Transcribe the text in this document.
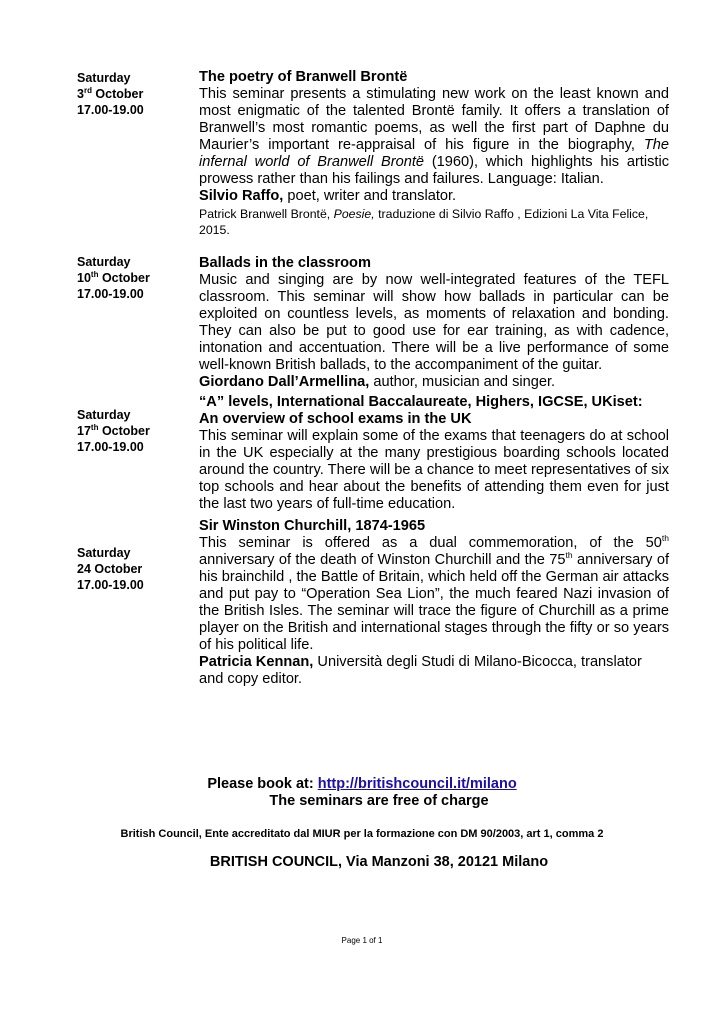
Saturday
3rd October
17.00-19.00
The poetry of Branwell Brontë
This seminar presents a stimulating new work on the least known and most enigmatic of the talented Brontë family. It offers a translation of Branwell’s most romantic poems, as well the first part of Daphne du Maurier’s important re-appraisal of his figure in the biography, The infernal world of Branwell Brontë (1960), which highlights his artistic prowess rather than his failings and failures. Language: Italian.
Silvio Raffo, poet, writer and translator.
Patrick Branwell Brontë, Poesie, traduzione di Silvio Raffo , Edizioni La Vita Felice, 2015.
Saturday
10th October
17.00-19.00
Ballads in the classroom
Music and singing are by now well-integrated features of the TEFL classroom. This seminar will show how ballads in particular can be exploited on countless levels, as moments of relaxation and bonding. They can also be put to good use for ear training, as with cadence, intonation and accentuation. There will be a live performance of some well-known British ballads, to the accompaniment of the guitar.
Giordano Dall’Armellina, author, musician and singer.
Saturday
17th October
17.00-19.00
“A” levels, International Baccalaureate, Highers, IGCSE, UKiset:
An overview of school exams in the UK
This seminar will explain some of the exams that teenagers do at school in the UK especially at the many prestigious boarding schools located around the country. There will be a chance to meet representatives of six top schools and hear about the benefits of attending them even for just the last two years of full-time education.
Saturday
24 October
17.00-19.00
Sir Winston Churchill, 1874-1965
This seminar is offered as a dual commemoration, of the 50th anniversary of the death of Winston Churchill and the 75th anniversary of his brainchild , the Battle of Britain, which held off the German air attacks and put pay to “Operation Sea Lion”, the much feared Nazi invasion of the British Isles. The seminar will trace the figure of Churchill as a prime player on the British and international stages through the fifty or so years of his political life.
Patricia Kennan, Università degli Studi di Milano-Bicocca, translator and copy editor.
Please book at: http://britishcouncil.it/milano
The seminars are free of charge
British Council, Ente accreditato dal MIUR per la formazione con DM 90/2003, art 1, comma 2
BRITISH COUNCIL, Via Manzoni 38, 20121 Milano
Page 1 of 1
